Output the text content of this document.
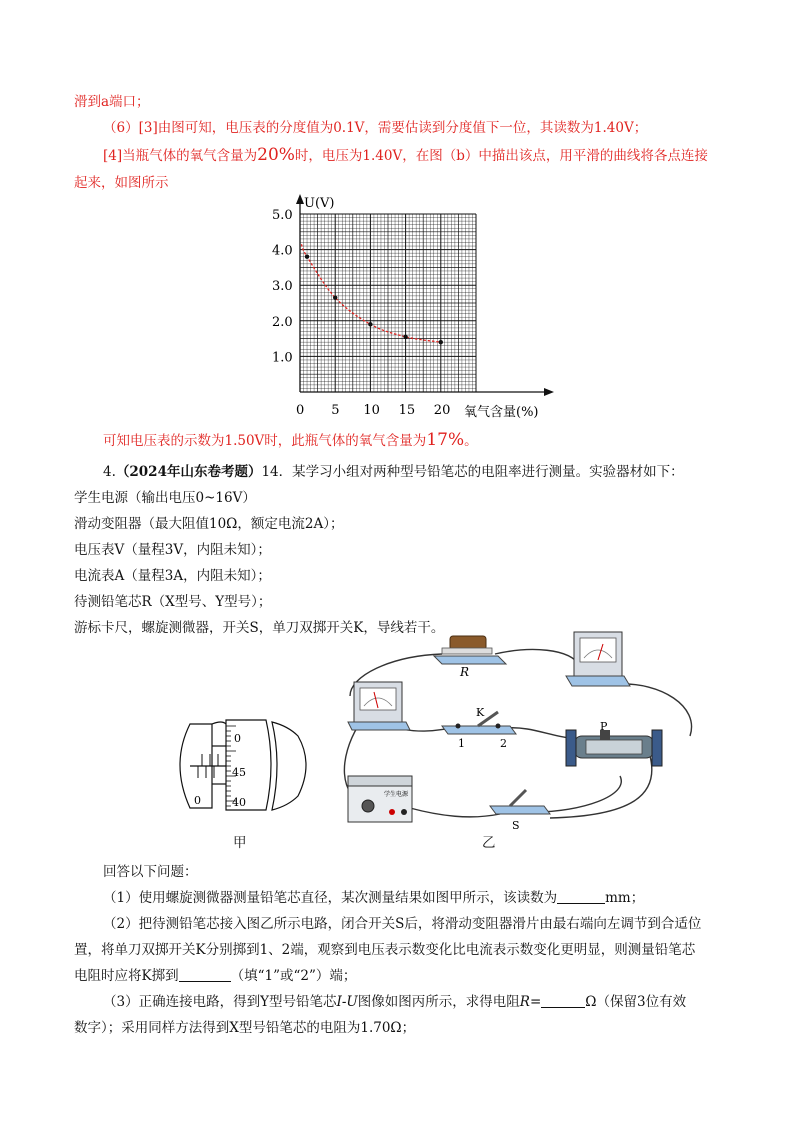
滑到a端口；
（6）[3]由图可知，电压表的分度值为0.1V，需要估读到分度值下一位，其读数为1.40V；
[4]当瓶气体的氧气含量为20%时，电压为1.40V，在图（b）中描出该点，用平滑的曲线将各点连接
起来，如图所示
1.0
2.0
3.0
4.0
5.0
0 5 10 15 20
U(V)
氧气含量(%)
可知电压表的示数为1.50V时，此瓶气体的氧气含量为17%。
4.（2024年山东卷考题）14．某学习小组对两种型号铅笔芯的电阻率进行测量。实验器材如下：
学生电源（输出电压0~16V）
滑动变阻器（最大阻值10Ω，额定电流2A）；
电压表V（量程3V，内阻未知）；
电流表A（量程3A，内阻未知）；
待测铅笔芯R（X型号、Y型号）；
游标卡尺，螺旋测微器，开关S，单刀双掷开关K，导线若干。
0
0
45
40
甲
R
K
1	2
P
学生电源
S
乙
回答以下问题：
（1）使用螺旋测微器测量铅笔芯直径，某次测量结果如图甲所示，该读数为	mm；
（2）把待测铅笔芯接入图乙所示电路，闭合开关S后，将滑动变阻器滑片由最右端向左调节到合适位
置，将单刀双掷开关K分别掷到1、2端，观察到电压表示数变化比电流表示数变化更明显，则测量铅笔芯
电阻时应将K掷到	（填“1”或“2”）端；
（3）正确连接电路，得到Y型号铅笔芯I-U图像如图丙所示，求得电阻R=	Ω（保留3位有效
数字）；采用同样方法得到X型号铅笔芯的电阻为1.70Ω；
